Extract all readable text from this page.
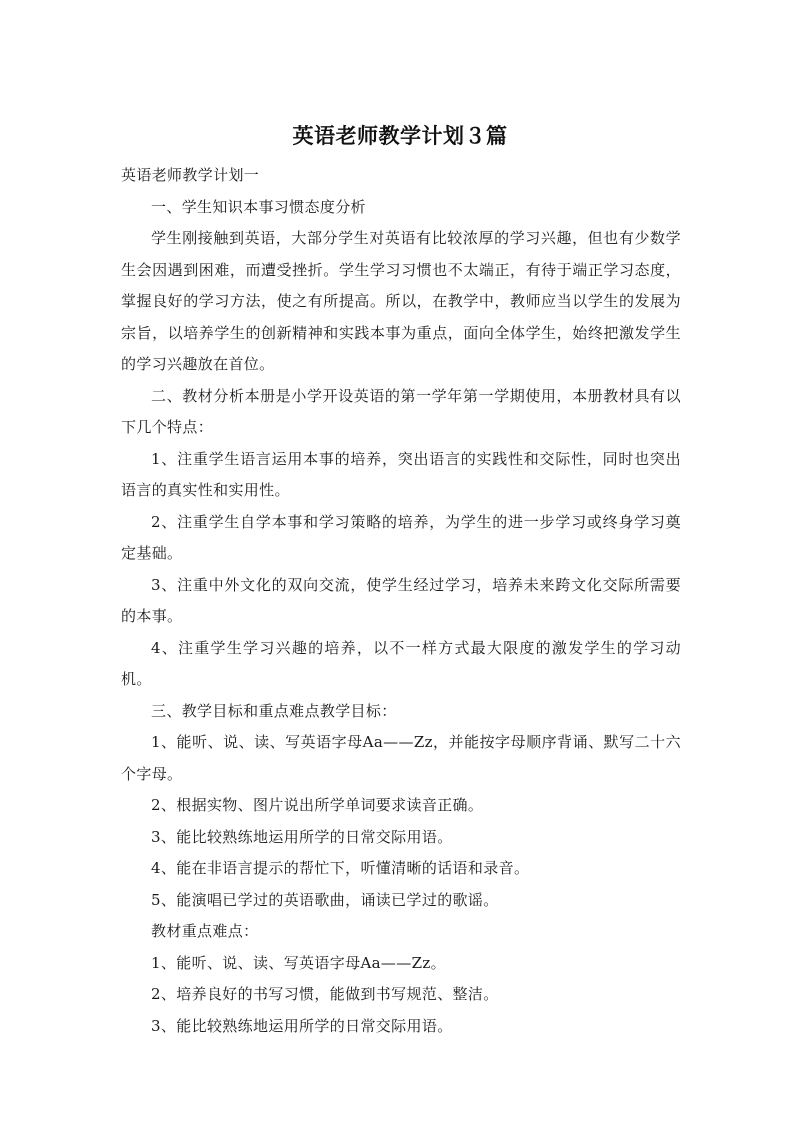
英语老师教学计划３篇

英语老师教学计划一

一、学生知识本事习惯态度分析

学生刚接触到英语，大部分学生对英语有比较浓厚的学习兴趣，但也有少数学生会因遇到困难，而遭受挫折。学生学习习惯也不太端正，有待于端正学习态度，掌握良好的学习方法，使之有所提高。所以，在教学中，教师应当以学生的发展为宗旨，以培养学生的创新精神和实践本事为重点，面向全体学生，始终把激发学生的学习兴趣放在首位。

二、教材分析本册是小学开设英语的第一学年第一学期使用，本册教材具有以下几个特点：

1、注重学生语言运用本事的培养，突出语言的实践性和交际性，同时也突出语言的真实性和实用性。

2、注重学生自学本事和学习策略的培养，为学生的进一步学习或终身学习奠定基础。

3、注重中外文化的双向交流，使学生经过学习，培养未来跨文化交际所需要的本事。

4、注重学生学习兴趣的培养，以不一样方式最大限度的激发学生的学习动机。

三、教学目标和重点难点教学目标：

1、能听、说、读、写英语字母Aa——Zz，并能按字母顺序背诵、默写二十六个字母。

2、根据实物、图片说出所学单词要求读音正确。

3、能比较熟练地运用所学的日常交际用语。

4、能在非语言提示的帮忙下，听懂清晰的话语和录音。

5、能演唱已学过的英语歌曲，诵读已学过的歌谣。

教材重点难点：

1、能听、说、读、写英语字母Aa——Zz。

2、培养良好的书写习惯，能做到书写规范、整洁。

3、能比较熟练地运用所学的日常交际用语。
